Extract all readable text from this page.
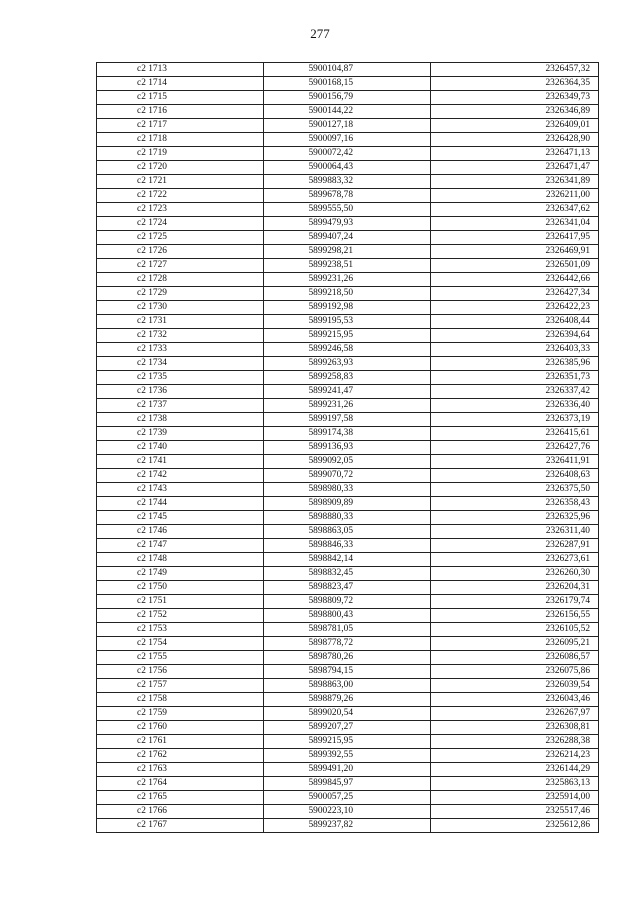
277
с2 1713	5900104,87	2326457,32
с2 1714	5900168,15	2326364,35
с2 1715	5900156,79	2326349,73
с2 1716	5900144,22	2326346,89
с2 1717	5900127,18	2326409,01
с2 1718	5900097,16	2326428,90
с2 1719	5900072,42	2326471,13
с2 1720	5900064,43	2326471,47
с2 1721	5899883,32	2326341,89
с2 1722	5899678,78	2326211,00
с2 1723	5899555,50	2326347,62
с2 1724	5899479,93	2326341,04
с2 1725	5899407,24	2326417,95
с2 1726	5899298,21	2326469,91
с2 1727	5899238,51	2326501,09
с2 1728	5899231,26	2326442,66
с2 1729	5899218,50	2326427,34
с2 1730	5899192,98	2326422,23
с2 1731	5899195,53	2326408,44
с2 1732	5899215,95	2326394,64
с2 1733	5899246,58	2326403,33
с2 1734	5899263,93	2326385,96
с2 1735	5899258,83	2326351,73
с2 1736	5899241,47	2326337,42
с2 1737	5899231,26	2326336,40
с2 1738	5899197,58	2326373,19
с2 1739	5899174,38	2326415,61
с2 1740	5899136,93	2326427,76
с2 1741	5899092,05	2326411,91
с2 1742	5899070,72	2326408,63
с2 1743	5898980,33	2326375,50
с2 1744	5898909,89	2326358,43
с2 1745	5898880,33	2326325,96
с2 1746	5898863,05	2326311,40
с2 1747	5898846,33	2326287,91
с2 1748	5898842,14	2326273,61
с2 1749	5898832,45	2326260,30
с2 1750	5898823,47	2326204,31
с2 1751	5898809,72	2326179,74
с2 1752	5898800,43	2326156,55
с2 1753	5898781,05	2326105,52
с2 1754	5898778,72	2326095,21
с2 1755	5898780,26	2326086,57
с2 1756	5898794,15	2326075,86
с2 1757	5898863,00	2326039,54
с2 1758	5898879,26	2326043,46
с2 1759	5899020,54	2326267,97
с2 1760	5899207,27	2326308,81
с2 1761	5899215,95	2326288,38
с2 1762	5899392,55	2326214,23
с2 1763	5899491,20	2326144,29
с2 1764	5899845,97	2325863,13
с2 1765	5900057,25	2325914,00
с2 1766	5900223,10	2325517,46
с2 1767	5899237,82	2325612,86
